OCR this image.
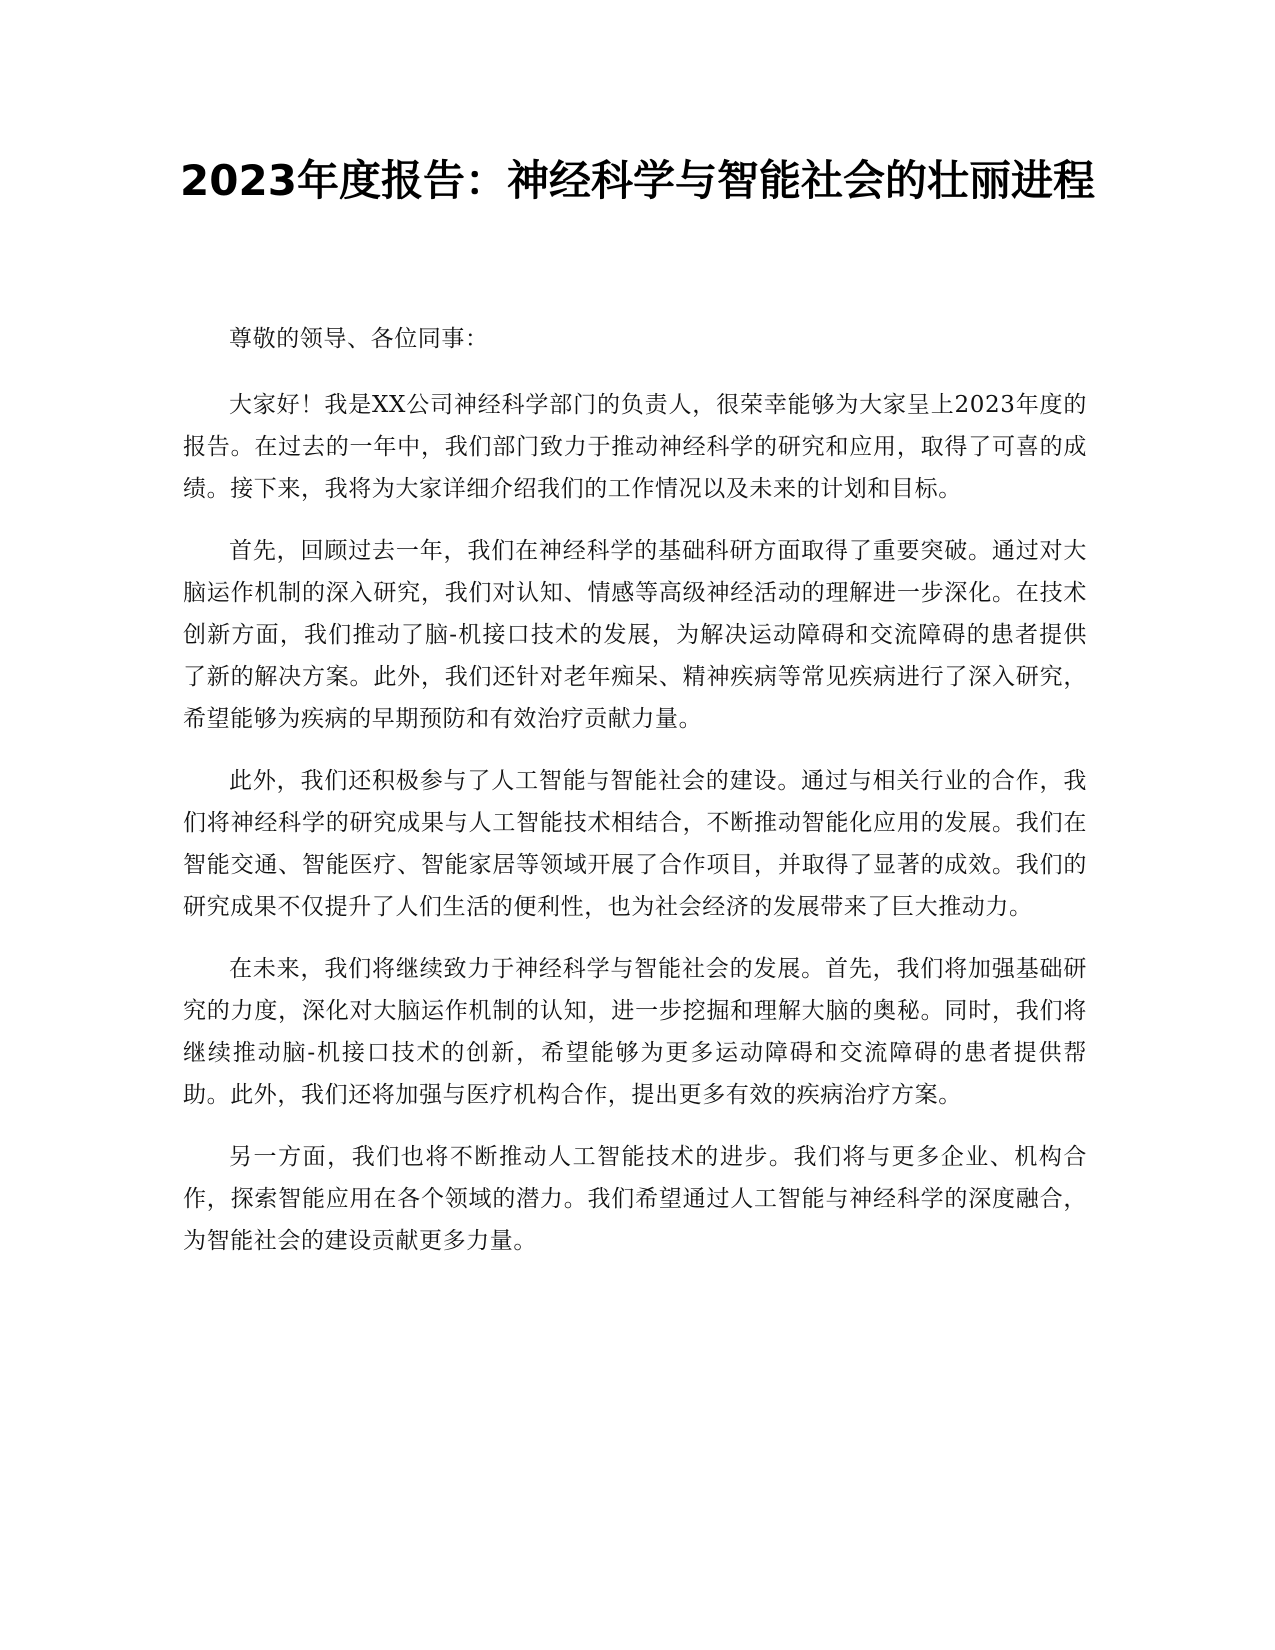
2023年度报告：神经科学与智能社会的壮丽进程

尊敬的领导、各位同事：

大家好！我是XX公司神经科学部门的负责人，很荣幸能够为大家呈上2023年度的报告。在过去的一年中，我们部门致力于推动神经科学的研究和应用，取得了可喜的成绩。接下来，我将为大家详细介绍我们的工作情况以及未来的计划和目标。

首先，回顾过去一年，我们在神经科学的基础科研方面取得了重要突破。通过对大脑运作机制的深入研究，我们对认知、情感等高级神经活动的理解进一步深化。在技术创新方面，我们推动了脑-机接口技术的发展，为解决运动障碍和交流障碍的患者提供了新的解决方案。此外，我们还针对老年痴呆、精神疾病等常见疾病进行了深入研究，希望能够为疾病的早期预防和有效治疗贡献力量。

此外，我们还积极参与了人工智能与智能社会的建设。通过与相关行业的合作，我们将神经科学的研究成果与人工智能技术相结合，不断推动智能化应用的发展。我们在智能交通、智能医疗、智能家居等领域开展了合作项目，并取得了显著的成效。我们的研究成果不仅提升了人们生活的便利性，也为社会经济的发展带来了巨大推动力。

在未来，我们将继续致力于神经科学与智能社会的发展。首先，我们将加强基础研究的力度，深化对大脑运作机制的认知，进一步挖掘和理解大脑的奥秘。同时，我们将继续推动脑-机接口技术的创新，希望能够为更多运动障碍和交流障碍的患者提供帮助。此外，我们还将加强与医疗机构合作，提出更多有效的疾病治疗方案。

另一方面，我们也将不断推动人工智能技术的进步。我们将与更多企业、机构合作，探索智能应用在各个领域的潜力。我们希望通过人工智能与神经科学的深度融合，为智能社会的建设贡献更多力量。
